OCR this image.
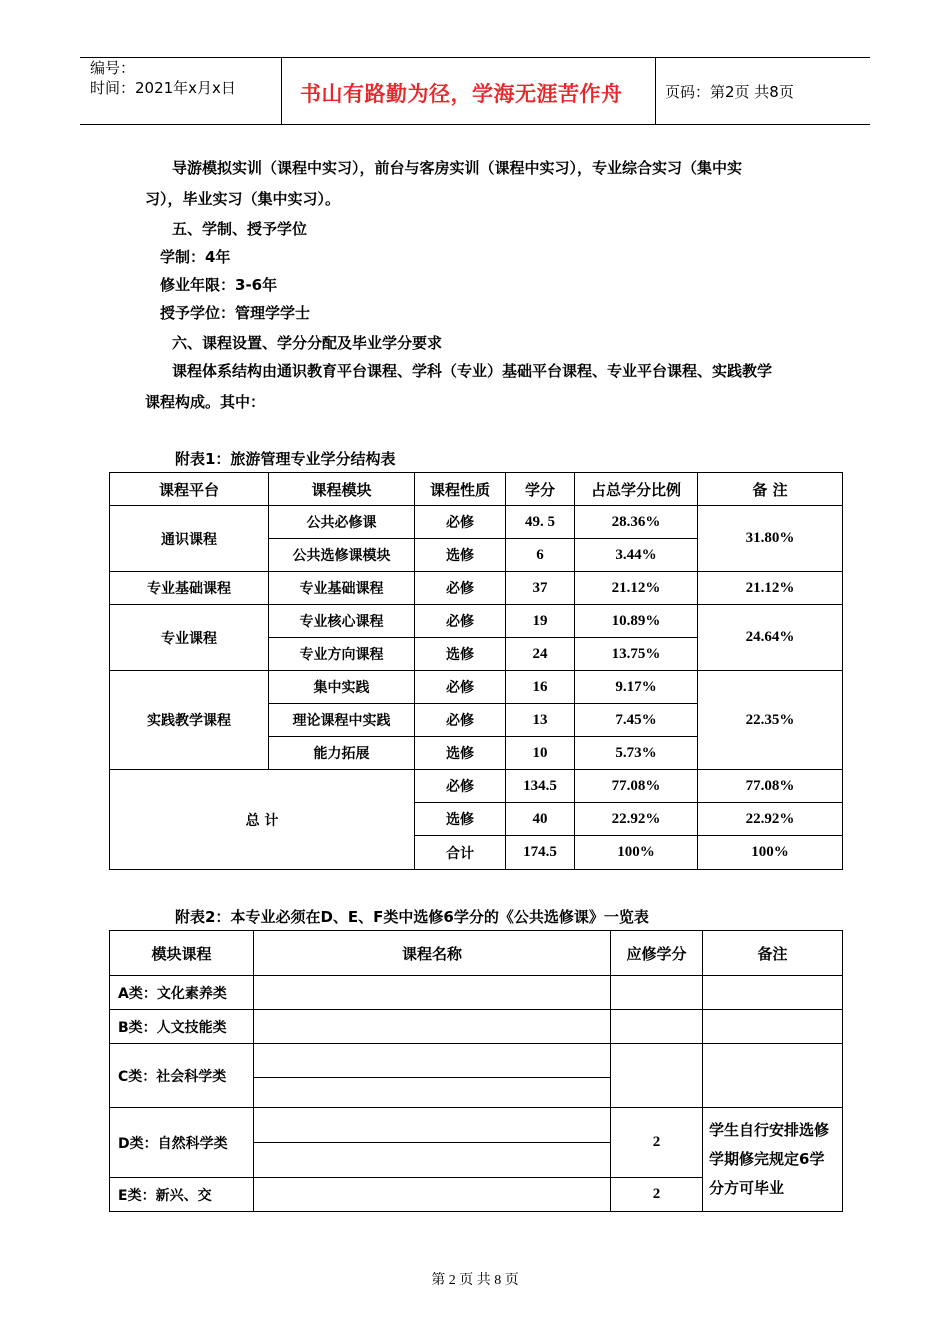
编号：
时间：2021年x月x日	书山有路勤为径，学海无涯苦作舟	页码：第2页 共8页
导游模拟实训（课程中实习），前台与客房实训（课程中实习），专业综合实习（集中实
习），毕业实习（集中实习）。
五、学制、授予学位
学制：4年
修业年限：3-6年
授予学位：管理学学士
六、课程设置、学分分配及毕业学分要求
课程体系结构由通识教育平台课程、学科（专业）基础平台课程、专业平台课程、实践教学
课程构成。其中：
附表1：旅游管理专业学分结构表
课程平台	课程模块	课程性质	学分	占总学分比例	备 注
通识课程	公共必修课	必修	49. 5	28.36%	31.80%
	公共选修课模块	选修	6	3.44%	
专业基础课程	专业基础课程	必修	37	21.12%	21.12%
专业课程	专业核心课程	必修	19	10.89%	24.64%
	专业方向课程	选修	24	13.75%	
实践教学课程	集中实践	必修	16	9.17%	22.35%
	理论课程中实践	必修	13	7.45%	
	能力拓展	选修	10	5.73%	
总 计		必修	134.5	77.08%	77.08%
		选修	40	22.92%	22.92%
		合计	174.5	100%	100%
附表2：本专业必须在D、E、F类中选修6学分的《公共选修课》一览表
模块课程	课程名称	应修学分	备注
A类：文化素养类			
B类：人文技能类			
C类：社会科学类			

D类：自然科学类		2	学生自行安排选修学期修完规定6学分方可毕业

E类：新兴、交		2	
第 2 页 共 8 页
